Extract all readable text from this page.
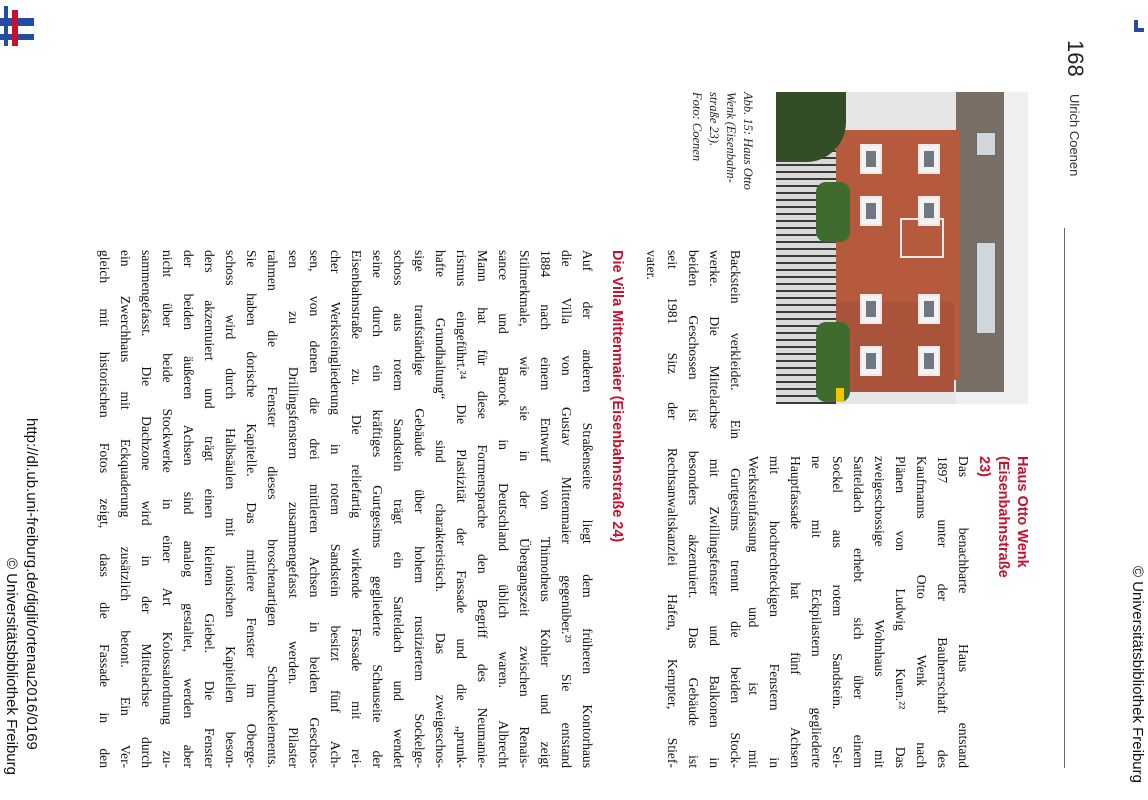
168
Ulrich Coenen
Abb. 15: Haus Otto
Wenk (Eisenbahn-
straße 23).
Foto: Coenen
Haus Otto Wenk
(Eisenbahnstraße 23)

Das benachbarte Haus entstand

1897 unter der Bauherrschaft des

Kaufmanns Otto Wenk nach

Plänen von Ludwig Kuen.²² Das

zweigeschossige Wohnhaus mit

Satteldach erhebt sich über einem

Sockel aus rotem Sandstein. Sei-

ne mit Eckpilastern gegliederte

Hauptfassade hat fünf Achsen

mit hochrechteckigen Fenstern in

Werksteinfassung und ist mit

Backstein verkleidet. Ein Gurtgesims trennt die beiden Stock-

werke. Die Mittelachse mit Zwillingsfenster und Balkonen in

beiden Geschossen ist besonders akzentuiert. Das Gebäude ist

seit 1981 Sitz der Rechtsanwaltskanzlei Hafen, Kempter, Stief-

vater.

Die Villa Mittenmaier (Eisenbahnstraße 24)

Auf der anderen Straßenseite liegt dem früheren Kontorhaus

die Villa von Gustav Mittenmaier gegenüber.²³ Sie entstand

1884 nach einem Entwurf von Thimotheus Kohler und zeigt

Stilmerkmale, wie sie in der Übergangszeit zwischen Renais-

sance und Barock in Deutschland üblich waren. Albrecht

Mann hat für diese Formensprache den Begriff des Neumanie-

rismus eingeführt.²⁴ Die Plastizität der Fassade und die „prunk-

hafte Grundhaltung“ sind charakteristisch. Das zweigeschos-

sige traufständige Gebäude über hohem rustiziertem Sockelge-

schoss aus rotem Sandstein trägt ein Satteldach und wendet

seine durch ein kräftiges Gurtgesims gegliederte Schauseite der

Eisenbahnstraße zu. Die reliefartig wirkende Fassade mit rei-

cher Werksteingliederung in rotem Sandstein besitzt fünf Ach-

sen, von denen die drei mittleren Achsen in beiden Geschos-

sen zu Drillingsfenstern zusammengefasst werden. Pilaster

rahmen die Fenster dieses broschenartigen Schmuckelements.

Sie haben dorische Kapitelle. Das mittlere Fenster im Oberge-

schoss wird durch Halbsäulen mit ionischen Kapitellen beson-

ders akzentuiert und trägt einen kleinen Giebel. Die Fenster

der beiden äußeren Achsen sind analog gestaltet, werden aber

nicht über beide Stockwerke in einer Art Kolossalordnung zu-

sammengefasst. Die Dachzone wird in der Mittelachse durch

ein Zwerchhaus mit Eckquaderung zusätzlich betont. Ein Ver-

gleich mit historischen Fotos zeigt, dass die Fassade in den

http://dl.ub.uni-freiburg.de/diglit/ortenau2016/0169
© Universitätsbibliothek Freiburg	© Universitätsbibliothek Freiburg
